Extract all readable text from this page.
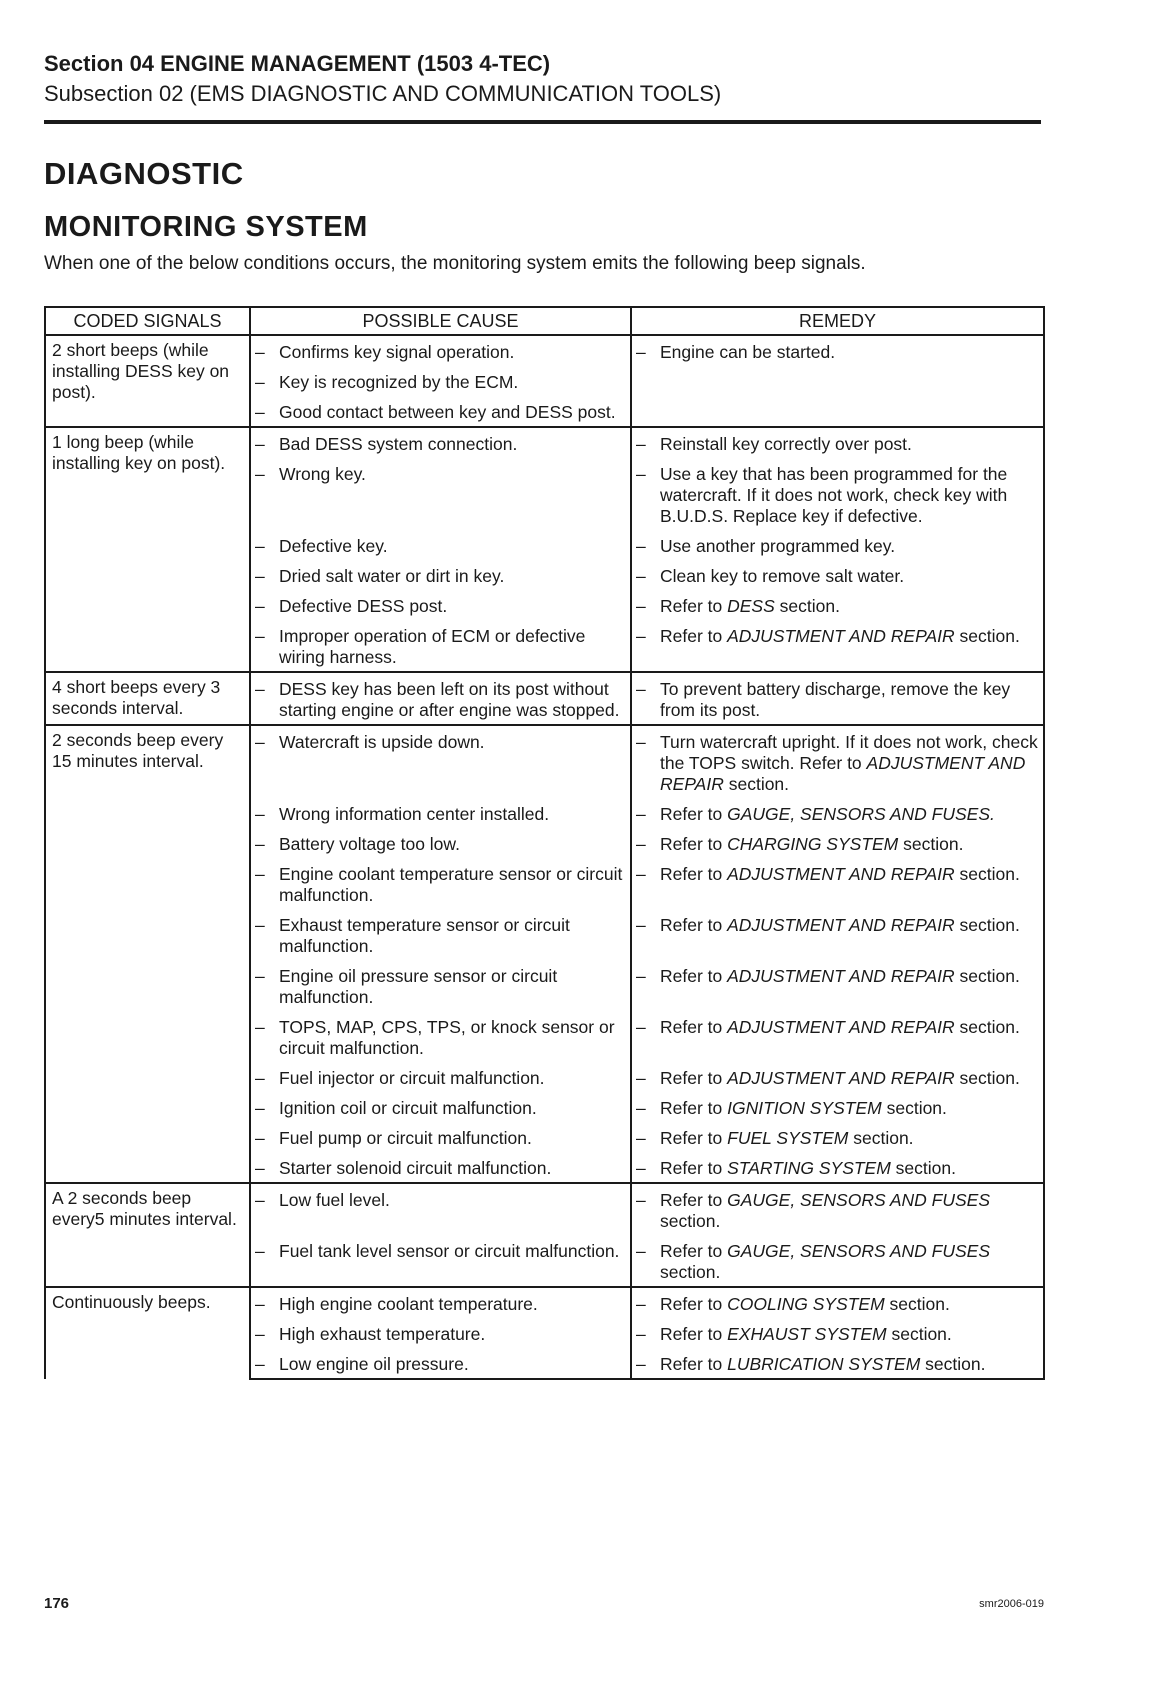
Section 04 ENGINE MANAGEMENT (1503 4-TEC)

Subsection 02 (EMS DIAGNOSTIC AND COMMUNICATION TOOLS)

DIAGNOSTIC
MONITORING SYSTEM

When one of the below conditions occurs, the monitoring system emits the following beep signals.

CODED SIGNALS	POSSIBLE CAUSE	REMEDY
2 short beeps (while installing DESS key on post).	– Confirms key signal operation.	– Engine can be started.

	– Key is recognized by the ECM.	

	– Good contact between key and DESS post.	

1 long beep (while installing key on post).	– Bad DESS system connection.	– Reinstall key correctly over post.

	– Wrong key.	– Use a key that has been programmed for the watercraft. If it does not work, check key with B.U.D.S. Replace key if defective.

	– Defective key.	– Use another programmed key.

	– Dried salt water or dirt in key.	– Clean key to remove salt water.

	– Defective DESS post.	– Refer to DESS section.

	– Improper operation of ECM or defective wiring harness.	– Refer to ADJUSTMENT AND REPAIR section.

4 short beeps every 3 seconds interval.	– DESS key has been left on its post without starting engine or after engine was stopped.	– To prevent battery discharge, remove the key from its post.

2 seconds beep every 15 minutes interval.	– Watercraft is upside down.	– Turn watercraft upright. If it does not work, check the TOPS switch. Refer to ADJUSTMENT AND REPAIR section.

	– Wrong information center installed.	– Refer to GAUGE, SENSORS AND FUSES.

	– Battery voltage too low.	– Refer to CHARGING SYSTEM section.

	– Engine coolant temperature sensor or circuit malfunction.	– Refer to ADJUSTMENT AND REPAIR section.

	– Exhaust temperature sensor or circuit malfunction.	– Refer to ADJUSTMENT AND REPAIR section.

	– Engine oil pressure sensor or circuit malfunction.	– Refer to ADJUSTMENT AND REPAIR section.

	– TOPS, MAP, CPS, TPS, or knock sensor or circuit malfunction.	– Refer to ADJUSTMENT AND REPAIR section.

	– Fuel injector or circuit malfunction.	– Refer to ADJUSTMENT AND REPAIR section.

	– Ignition coil or circuit malfunction.	– Refer to IGNITION SYSTEM section.

	– Fuel pump or circuit malfunction.	– Refer to FUEL SYSTEM section.

	– Starter solenoid circuit malfunction.	– Refer to STARTING SYSTEM section.

A 2 seconds beep every5 minutes interval.	– Low fuel level.	– Refer to GAUGE, SENSORS AND FUSES section.

	– Fuel tank level sensor or circuit malfunction.	– Refer to GAUGE, SENSORS AND FUSES section.

Continuously beeps.	– High engine coolant temperature.	– Refer to COOLING SYSTEM section.

	– High exhaust temperature.	– Refer to EXHAUST SYSTEM section.

	– Low engine oil pressure.	– Refer to LUBRICATION SYSTEM section.
176	smr2006-019
